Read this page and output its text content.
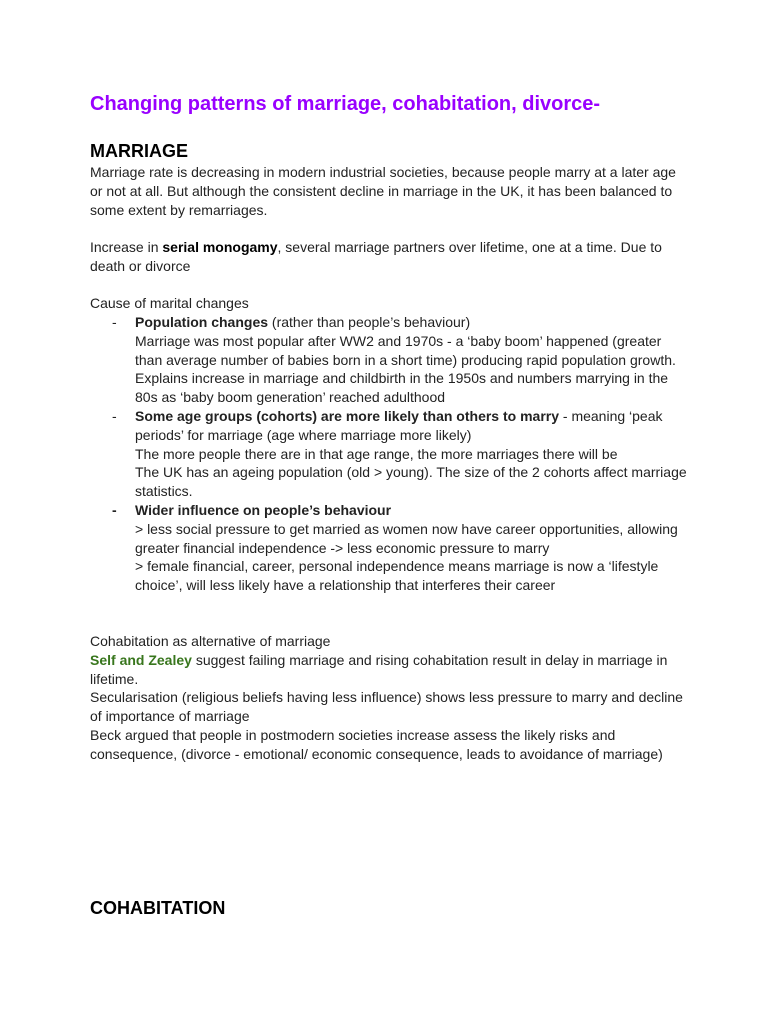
Changing patterns of marriage, cohabitation, divorce-
MARRIAGE

Marriage rate is decreasing in modern industrial societies, because people marry at a later age or not at all. But although the consistent decline in marriage in the UK, it has been balanced to some extent by remarriages.

Increase in serial monogamy, several marriage partners over lifetime, one at a time. Due to death or divorce

Cause of marital changes

- Population changes (rather than people’s behaviour)
Marriage was most popular after WW2 and 1970s - a ‘baby boom’ happened (greater than average number of babies born in a short time) producing rapid population growth. Explains increase in marriage and childbirth in the 1950s and numbers marrying in the 80s as ‘baby boom generation’ reached adulthood
- Some age groups (cohorts) are more likely than others to marry - meaning ‘peak periods’ for marriage (age where marriage more likely)
The more people there are in that age range, the more marriages there will be
The UK has an ageing population (old > young). The size of the 2 cohorts affect marriage statistics.
- Wider influence on people’s behaviour
> less social pressure to get married as women now have career opportunities, allowing greater financial independence -> less economic pressure to marry
> female financial, career, personal independence means marriage is now a ‘lifestyle choice’, will less likely have a relationship that interferes their career
Cohabitation as alternative of marriage
Self and Zealey suggest failing marriage and rising cohabitation result in delay in marriage in lifetime.
Secularisation (religious beliefs having less influence) shows less pressure to marry and decline of importance of marriage
Beck argued that people in postmodern societies increase assess the likely risks and consequence, (divorce - emotional/ economic consequence, leads to avoidance of marriage)
COHABITATION
